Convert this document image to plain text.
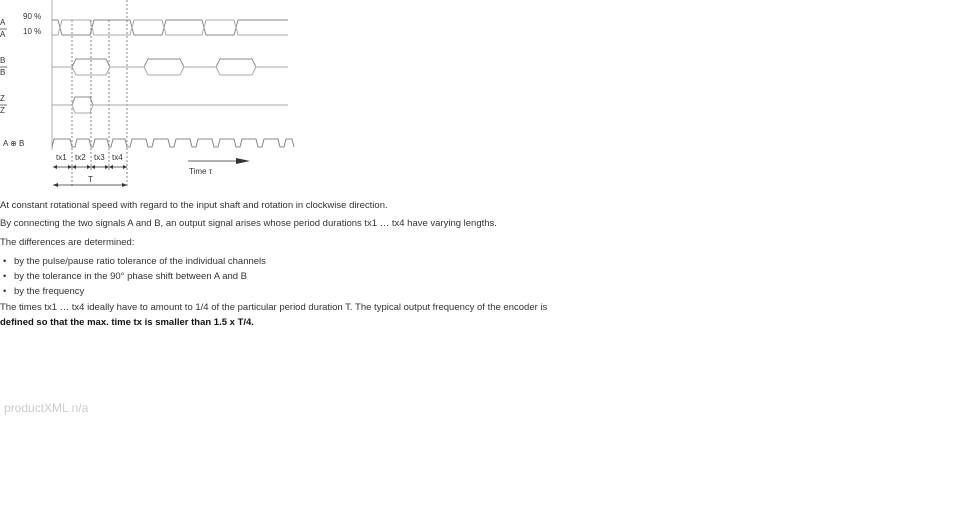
90 %
10 %
A
A
B
B
Z
Z
A ⊕ B
tx1 tx2 tx3 tx4
T
Time τ
At constant rotational speed with regard to the input shaft and rotation in clockwise direction.
By connecting the two signals A and B, an output signal arises whose period durations tx1 … tx4 have varying lengths.
The differences are determined:
• by the pulse/pause ratio tolerance of the individual channels
• by the tolerance in the 90° phase shift between A and B
• by the frequency
The times tx1 … tx4 ideally have to amount to 1/4 of the particular period duration T. The typical output frequency of the encoder is
defined so that the max. time tx is smaller than 1.5 x T/4.
productXML n/a
